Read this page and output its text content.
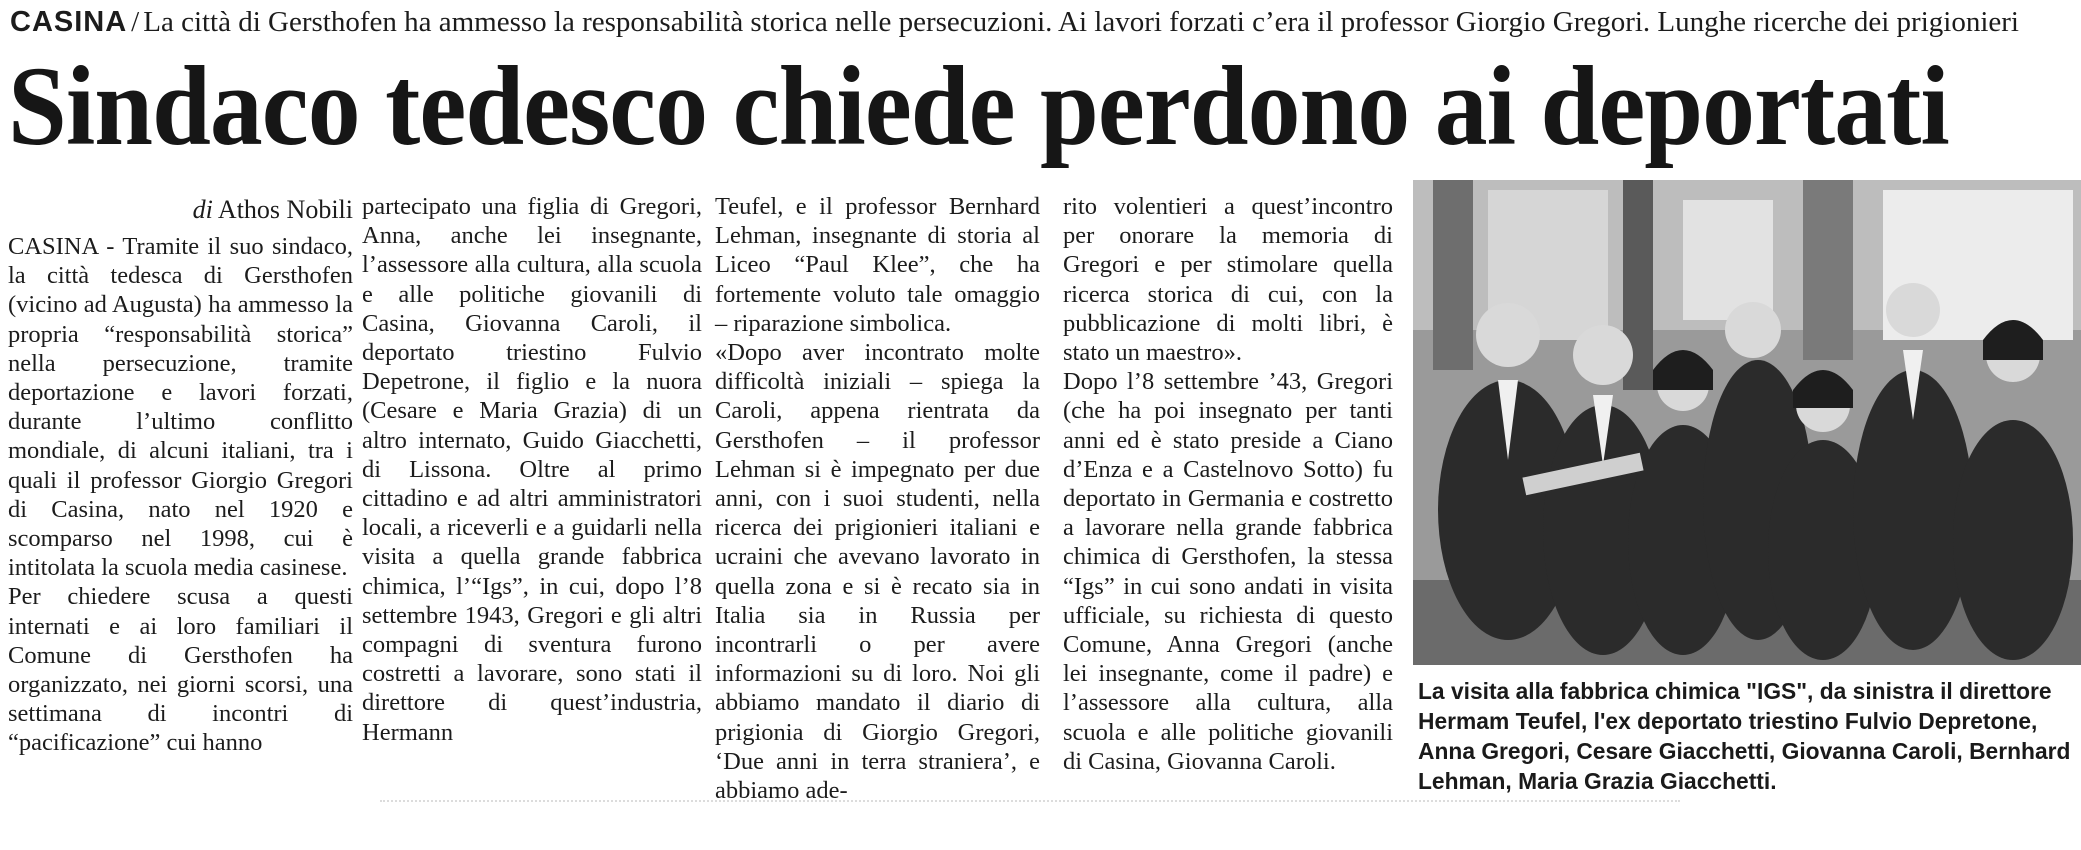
CASINA / La città di Gersthofen ha ammesso la responsabilità storica nelle persecuzioni. Ai lavori forzati c’era il professor Giorgio Gregori. Lunghe ricerche dei prigionieri
Sindaco tedesco chiede perdono ai deportati
di Athos Nobili

CASINA - Tramite il suo sindaco, la città tedesca di Gersthofen (vicino ad Augusta) ha ammesso la propria “responsabilità storica” nella persecuzione, tramite deportazione e lavori forzati, durante l’ultimo conflitto mondiale, di alcuni italiani, tra i quali il professor Giorgio Gregori di Casina, nato nel 1920 e scomparso nel 1998, cui è intitolata la scuola media casinese.

Per chiedere scusa a questi internati e ai loro familiari il Comune di Gersthofen ha organizzato, nei giorni scorsi, una settimana di incontri di “pacificazione” cui hanno

partecipato una figlia di Gregori, Anna, anche lei insegnante, l’assessore alla cultura, alla scuola e alle politiche giovanili di Casina, Giovanna Caroli, il deportato triestino Fulvio Depetrone, il figlio e la nuora (Cesare e Maria Grazia) di un altro internato, Guido Giacchetti, di Lissona. Oltre al primo cittadino e ad altri amministratori locali, a riceverli e a guidarli nella visita a quella grande fabbrica chimica, l’“Igs”, in cui, dopo l’8 settembre 1943, Gregori e gli altri compagni di sventura furono costretti a lavorare, sono stati il direttore di quest’industria, Hermann

Teufel, e il professor Bernhard Lehman, insegnante di storia al Liceo “Paul Klee”, che ha fortemente voluto tale omaggio – riparazione simbolica.

«Dopo aver incontrato molte difficoltà iniziali – spiega la Caroli, appena rientrata da Gersthofen – il professor Lehman si è impegnato per due anni, con i suoi studenti, nella ricerca dei prigionieri italiani e ucraini che avevano lavorato in quella zona e si è recato sia in Italia sia in Russia per incontrarli o per avere informazioni su di loro. Noi gli abbiamo mandato il diario di prigionia di Giorgio Gregori, ‘Due anni in terra straniera’, e abbiamo ade-

rito volentieri a quest’incontro per onorare la memoria di Gregori e per stimolare quella ricerca storica di cui, con la pubblicazione di molti libri, è stato un maestro».

Dopo l’8 settembre ’43, Gregori (che ha poi insegnato per tanti anni ed è stato preside a Ciano d’Enza e a Castelnovo Sotto) fu deportato in Germania e costretto a lavorare nella grande fabbrica chimica di Gersthofen, la stessa “Igs” in cui sono andati in visita ufficiale, su richiesta di questo Comune, Anna Gregori (anche lei insegnante, come il padre) e l’assessore alla cultura, alla scuola e alle politiche giovanili di Casina, Giovanna Caroli.

La visita alla fabbrica chimica "IGS", da sinistra il direttore Hermam Teufel, l'ex deportato triestino Fulvio Depretone, Anna Gregori, Cesare Giacchetti, Giovanna Caroli, Bernhard Lehman, Maria Grazia Giacchetti.
